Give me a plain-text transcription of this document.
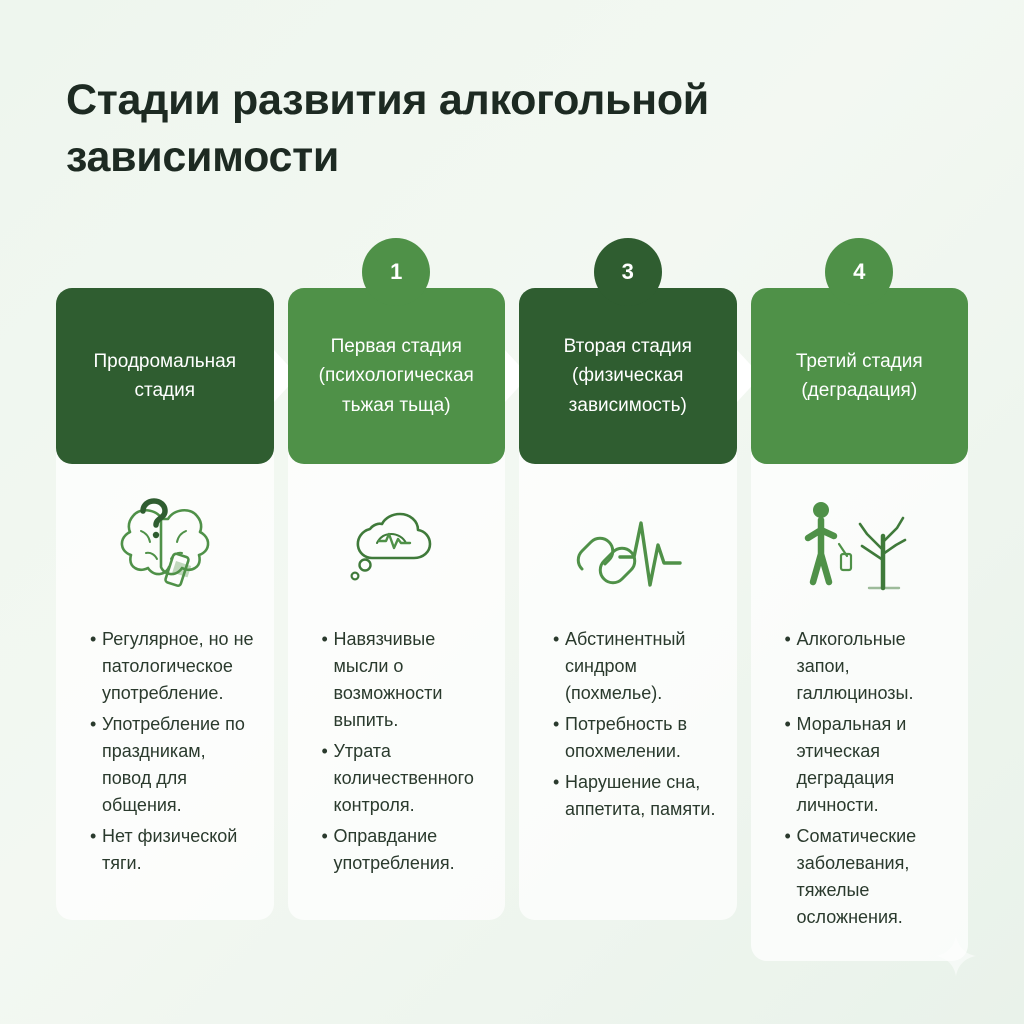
Стадии развития алкогольной зависимости
Продромальная стадия
• Регулярное, но не патологическое употребление.
• Употребление по праздникам, повод для общения.
• Нет физической тяги.
1
Первая стадия (психологическая тьжая тьща)
• Навязчивые мысли о возможности выпить.
• Утрата количественного контроля.
• Оправдание употребления.
3
Вторая стадия (физическая зависимость)
• Абстинентный синдром (похмелье).
• Потребность в опохмелении.
• Нарушение сна, аппетита, памяти.
4
Третий стадия (деградация)
• Алкогольные запои, галлюцинозы.
• Моральная и этическая деградация личности.
• Соматические заболевания, тяжелые осложнения.
